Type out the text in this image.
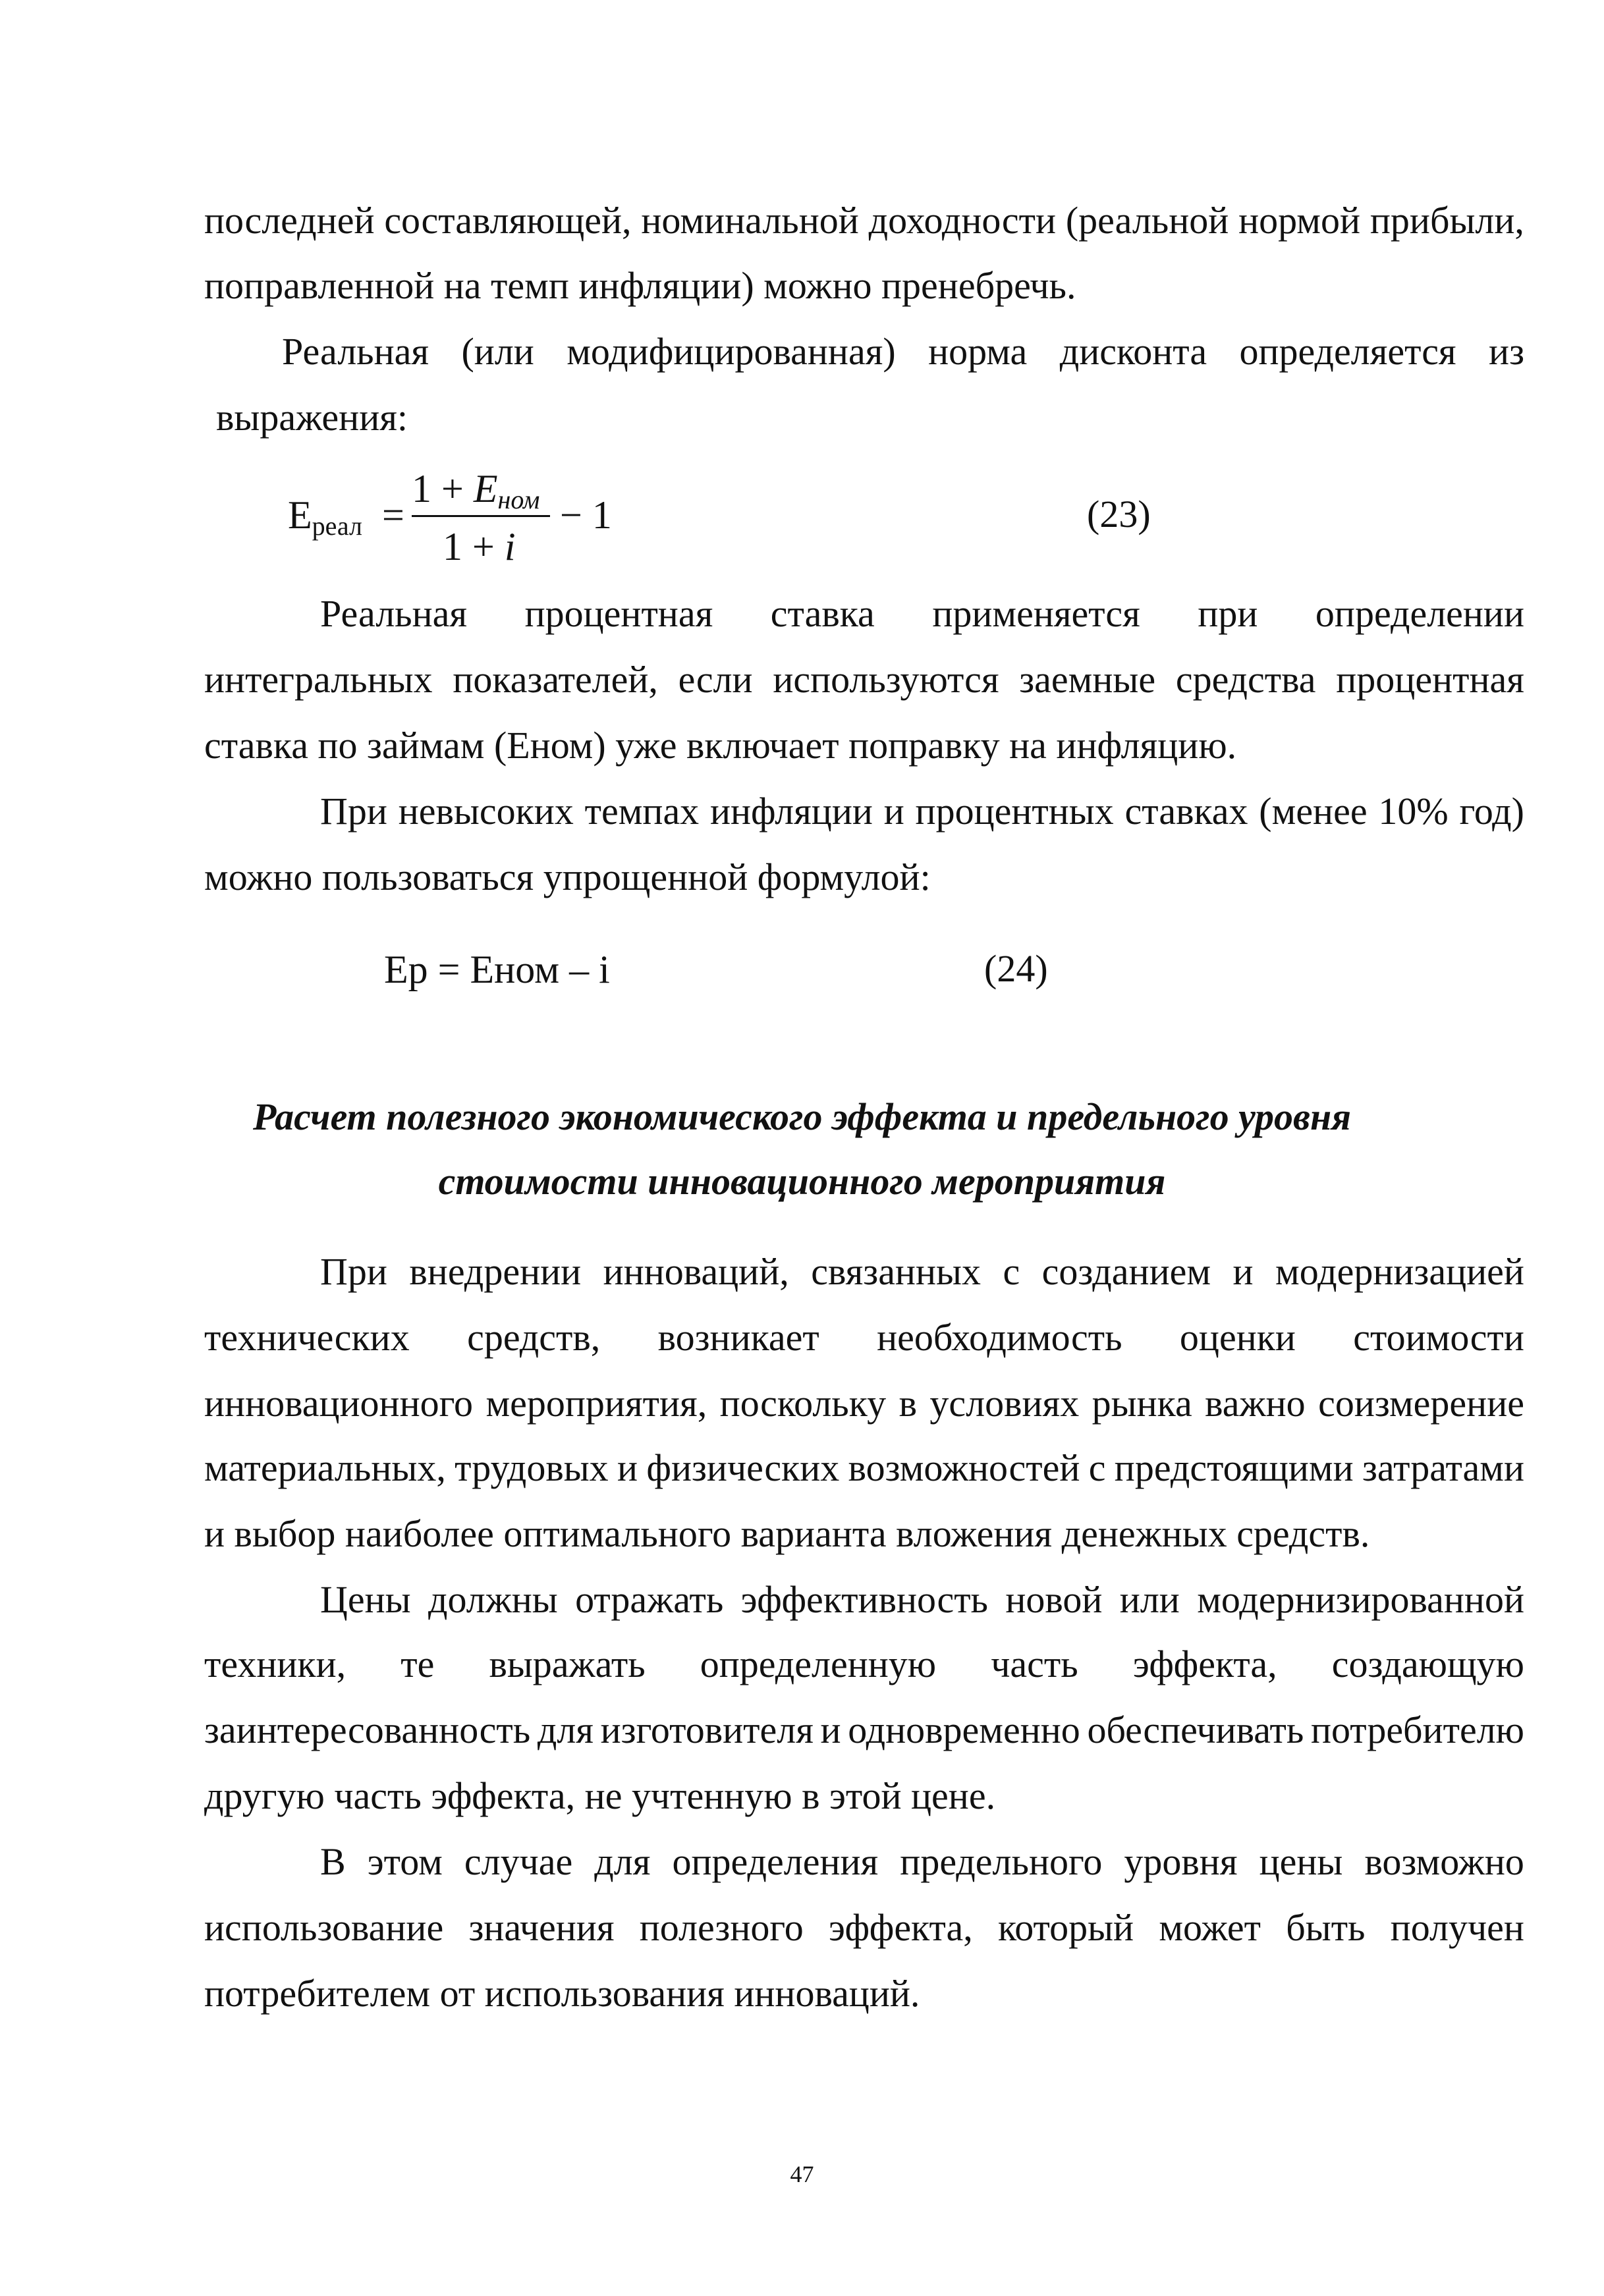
последней составляющей, номинальной доходности (реальной нормой прибыли,
поправленной на темп инфляции) можно пренебречь.
Реальная (или модифицированная) норма дисконта определяется из
выражения:
Eреал =
1 + Eном
1 + i
− 1	(23)
Реальная процентная ставка применяется при определении
интегральных показателей, если используются заемные средства процентная
ставка по займам (Еном) уже включает поправку на инфляцию.
При невысоких темпах инфляции и процентных ставках (менее 10% год)
можно пользоваться упрощенной формулой:
Ep = Еном – i	(24)
Расчет полезного экономического эффекта и предельного уровня
стоимости инновационного мероприятия
При внедрении инноваций, связанных с созданием и модернизацией
технических средств, возникает необходимость оценки стоимости
инновационного мероприятия, поскольку в условиях рынка важно соизмерение
материальных, трудовых и физических возможностей с предстоящими затратами
и выбор наиболее оптимального варианта вложения денежных средств.
Цены должны отражать эффективность новой или модернизированной
техники, те выражать определенную часть эффекта, создающую
заинтересованность для изготовителя и одновременно обеспечивать потребителю
другую часть эффекта, не учтенную в этой цене.
В этом случае для определения предельного уровня цены возможно
использование значения полезного эффекта, который может быть получен
потребителем от использования инноваций.
47
